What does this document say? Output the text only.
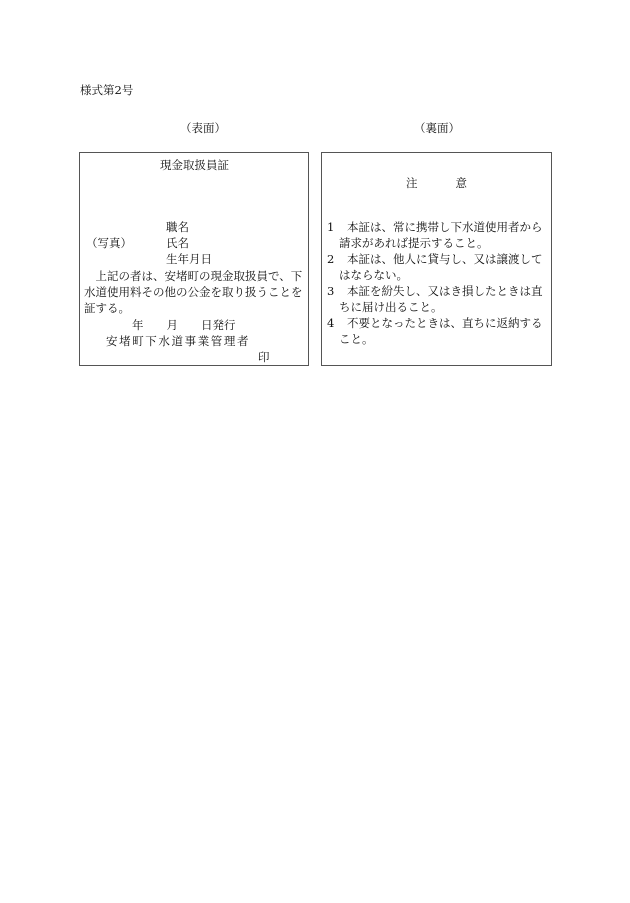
様式第2号
（表面）	（裏面）
現金取扱員証
（写真）
職名
氏名
生年月日
上記の者は、安堵町の現金取扱員で、下水道使用料その他の公金を取り扱うことを証する。
年　　月　　日発行
安堵町下水道事業管理者
印
注	意
1	本証は、常に携帯し下水道使用者から請求があれば提示すること。
2	本証は、他人に貸与し、又は譲渡してはならない。
3	本証を紛失し、又はき損したときは直ちに届け出ること。
4	不要となったときは、直ちに返納すること。
